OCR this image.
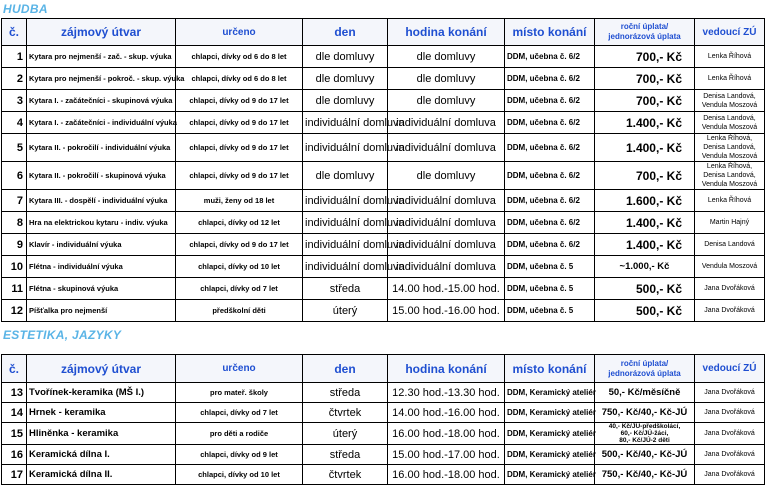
HUDBA
č.	zájmový útvar	určeno	den	hodina konání	místo konání	roční úplata/ jednorázová úplata	vedoucí ZÚ
1	Kytara pro nejmenší - zač. - skup. výuka	chlapci, dívky od 6 do 8 let	dle domluvy	dle domluvy	DDM, učebna č. 6/2	700,- Kč	Lenka Říhová
2	Kytara pro nejmenší - pokroč. - skup. výuka	chlapci, dívky od 6 do 8 let	dle domluvy	dle domluvy	DDM, učebna č. 6/2	700,- Kč	Lenka Říhová
3	Kytara I. - začátečníci - skupinová výuka	chlapci, dívky od 9 do 17 let	dle domluvy	dle domluvy	DDM, učebna č. 6/2	700,- Kč	Denisa Landová, Vendula Moszová
4	Kytara I. - začátečníci - individuální výuka	chlapci, dívky od 9 do 17 let	individuální domluva	individuální domluva	DDM, učebna č. 6/2	1.400,- Kč	Denisa Landová, Vendula Moszová
5	Kytara II. - pokročilí - individuální výuka	chlapci, dívky od 9 do 17 let	individuální domluva	individuální domluva	DDM, učebna č. 6/2	1.400,- Kč	Lenka Říhová, Denisa Landová, Vendula Moszová
6	Kytara II. - pokročilí - skupinová výuka	chlapci, dívky od 9 do 17 let	dle domluvy	dle domluvy	DDM, učebna č. 6/2	700,- Kč	Lenka Říhová, Denisa Landová, Vendula Moszová
7	Kytara III. - dospělí - individuální výuka	muži, ženy od 18 let	individuální domluva	individuální domluva	DDM, učebna č. 6/2	1.600,- Kč	Lenka Říhová
8	Hra na elektrickou kytaru - indiv. výuka	chlapci, dívky od 12 let	individuální domluva	individuální domluva	DDM, učebna č. 6/2	1.400,- Kč	Martin Hajný
9	Klavír - individuální výuka	chlapci, dívky od 9 do 17 let	individuální domluva	individuální domluva	DDM, učebna č. 6/2	1.400,- Kč	Denisa Landová
10	Flétna - individuální výuka	chlapci, dívky od 10 let	individuální domluva	individuální domluva	DDM, učebna č. 5	~1.000,- Kč	Vendula Moszová
11	Flétna - skupinová výuka	chlapci, dívky od 7 let	středa	14.00 hod.-15.00 hod.	DDM, učebna č. 5	500,- Kč	Jana Dvořáková
12	Píšťalka pro nejmenší	předškolní děti	úterý	15.00 hod.-16.00 hod.	DDM, učebna č. 5	500,- Kč	Jana Dvořáková
ESTETIKA, JAZYKY
č.	zájmový útvar	určeno	den	hodina konání	místo konání	roční úplata/ jednorázová úplata	vedoucí ZÚ
13	Tvořínek-keramika (MŠ I.)	pro mateř. školy	středa	12.30 hod.-13.30 hod.	DDM, Keramický ateliér	50,- Kč/měsíčně	Jana Dvořáková
14	Hrnek - keramika	chlapci, dívky od 7 let	čtvrtek	14.00 hod.-16.00 hod.	DDM, Keramický ateliér	750,- Kč/40,- Kč-JÚ	Jana Dvořáková
15	Hliněnka - keramika	pro děti a rodiče	úterý	16.00 hod.-18.00 hod.	DDM, Keramický ateliér	40,- Kč/JÚ-předškolácí,
60,- Kč/JÚ-žáci,
80,- Kč/JÚ-2 děti	Jana Dvořáková
16	Keramická dílna I.	chlapci, dívky od 9 let	středa	15.00 hod.-17.00 hod.	DDM, Keramický ateliér	500,- Kč/40,- Kč-JÚ	Jana Dvořáková
17	Keramická dílna II.	chlapci, dívky od 10 let	čtvrtek	16.00 hod.-18.00 hod.	DDM, Keramický ateliér	750,- Kč/40,- Kč-JÚ	Jana Dvořáková
